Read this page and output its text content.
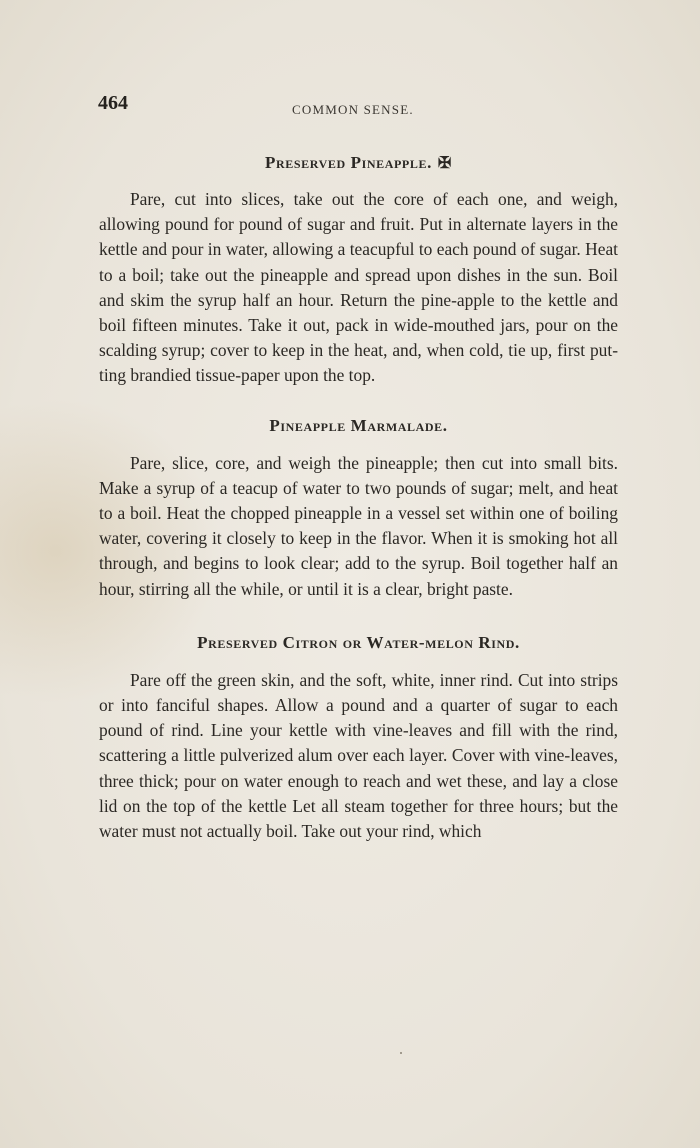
464	COMMON SENSE.
Preserved Pineapple. ✠

Pare, cut into slices, take out the core of each one, and weigh, allowing pound for pound of sugar and fruit. Put in alternate layers in the kettle and pour in water, allowing a teacupful to each pound of sugar. Heat to a boil; take out the pineapple and spread upon dishes in the sun. Boil and skim the syrup half an hour. Return the pine-apple to the kettle and boil fifteen minutes. Take it out, pack in wide-mouthed jars, pour on the scalding syrup; cover to keep in the heat, and, when cold, tie up, first put-ting brandied tissue-paper upon the top.

Pineapple Marmalade.

Pare, slice, core, and weigh the pineapple; then cut into small bits. Make a syrup of a teacup of water to two pounds of sugar; melt, and heat to a boil. Heat the chopped pineapple in a vessel set within one of boiling water, covering it closely to keep in the flavor. When it is smoking hot all through, and begins to look clear; add to the syrup. Boil together half an hour, stirring all the while, or until it is a clear, bright paste.

Preserved Citron or Water-melon Rind.

Pare off the green skin, and the soft, white, inner rind. Cut into strips or into fanciful shapes. Allow a pound and a quarter of sugar to each pound of rind. Line your kettle with vine-leaves and fill with the rind, scattering a little pulverized alum over each layer. Cover with vine-leaves, three thick; pour on water enough to reach and wet these, and lay a close lid on the top of the kettle Let all steam together for three hours; but the water must not actually boil. Take out your rind, which
